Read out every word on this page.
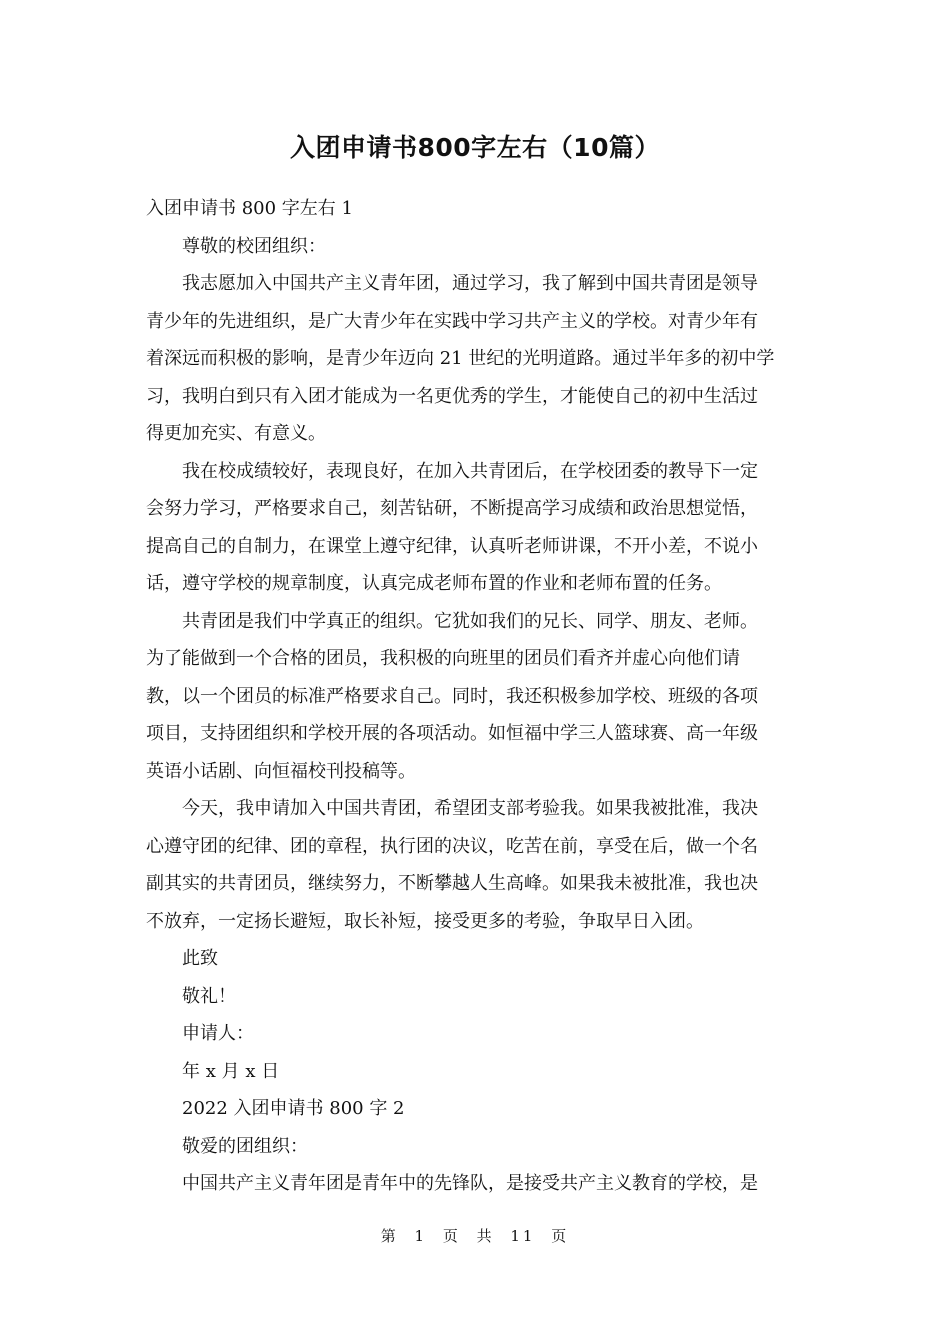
入团申请书800字左右（10篇）
入团申请书 800 字左右 1
尊敬的校团组织：
我志愿加入中国共产主义青年团，通过学习，我了解到中国共青团是领导
青少年的先进组织，是广大青少年在实践中学习共产主义的学校。对青少年有
着深远而积极的影响，是青少年迈向 21 世纪的光明道路。通过半年多的初中学
习，我明白到只有入团才能成为一名更优秀的学生，才能使自己的初中生活过
得更加充实、有意义。
我在校成绩较好，表现良好，在加入共青团后，在学校团委的教导下一定
会努力学习，严格要求自己，刻苦钻研，不断提高学习成绩和政治思想觉悟，
提高自己的自制力，在课堂上遵守纪律，认真听老师讲课，不开小差，不说小
话，遵守学校的规章制度，认真完成老师布置的作业和老师布置的任务。
共青团是我们中学真正的组织。它犹如我们的兄长、同学、朋友、老师。
为了能做到一个合格的团员，我积极的向班里的团员们看齐并虚心向他们请
教，以一个团员的标准严格要求自己。同时，我还积极参加学校、班级的各项
项目，支持团组织和学校开展的各项活动。如恒福中学三人篮球赛、高一年级
英语小话剧、向恒福校刊投稿等。
今天，我申请加入中国共青团，希望团支部考验我。如果我被批准，我决
心遵守团的纪律、团的章程，执行团的决议，吃苦在前，享受在后，做一个名
副其实的共青团员，继续努力，不断攀越人生高峰。如果我未被批准，我也决
不放弃，一定扬长避短，取长补短，接受更多的考验，争取早日入团。
此致
敬礼！
申请人：
年 x 月 x 日
2022 入团申请书 800 字 2
敬爱的团组织：
中国共产主义青年团是青年中的先锋队，是接受共产主义教育的学校，是
第 1 页 共 11 页
